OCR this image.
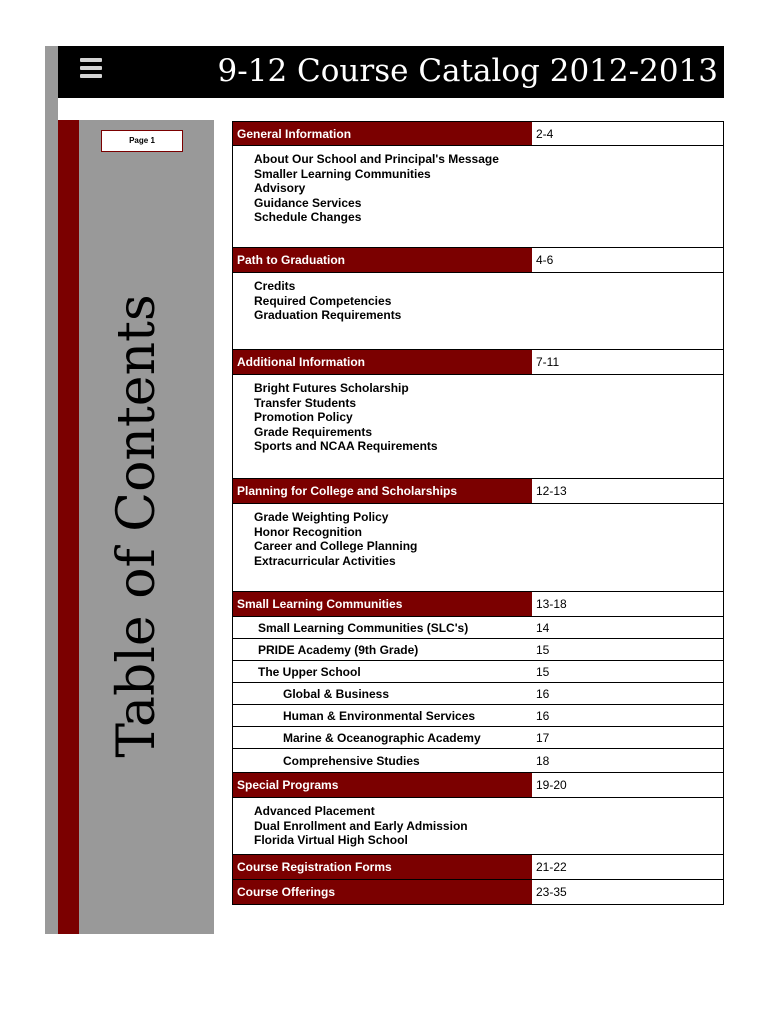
9-12 Course Catalog 2012-2013
Page 1
Table of Contents
General Information	2-4
About Our School and Principal's Message
Smaller Learning Communities
Advisory
Guidance Services
Schedule Changes
Path to Graduation	4-6
Credits
Required Competencies
Graduation Requirements
Additional Information	7-11
Bright Futures Scholarship
Transfer Students
Promotion Policy
Grade Requirements
Sports and NCAA Requirements
Planning for College and Scholarships	12-13
Grade Weighting Policy
Honor Recognition
Career and College Planning
Extracurricular Activities
Small Learning Communities	13-18
Small Learning Communities (SLC's)	14
PRIDE Academy (9th Grade)	15
The Upper School	15
Global & Business	16
Human & Environmental Services	16
Marine & Oceanographic Academy	17
Comprehensive Studies	18
Special Programs	19-20
Advanced Placement
Dual Enrollment and Early Admission
Florida Virtual High School
Course Registration Forms	21-22
Course Offerings	23-35
